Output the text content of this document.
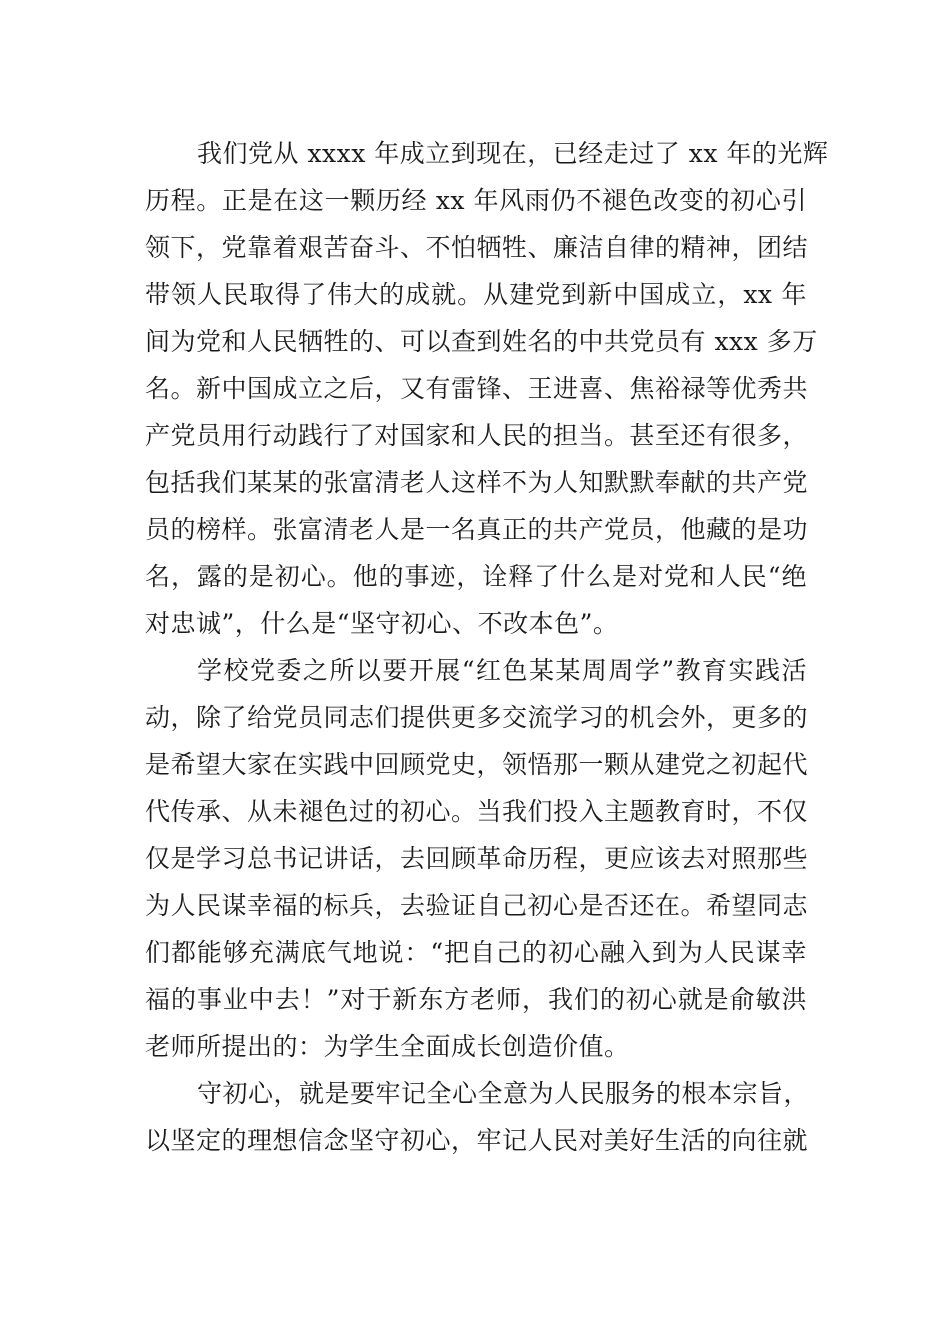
我们党从 xxxx 年成立到现在，已经走过了 xx 年的光辉
历程。正是在这一颗历经 xx 年风雨仍不褪色改变的初心引
领下，党靠着艰苦奋斗、不怕牺牲、廉洁自律的精神，团结
带领人民取得了伟大的成就。从建党到新中国成立，xx 年
间为党和人民牺牲的、可以查到姓名的中共党员有 xxx 多万
名。新中国成立之后，又有雷锋、王进喜、焦裕禄等优秀共
产党员用行动践行了对国家和人民的担当。甚至还有很多，
包括我们某某的张富清老人这样不为人知默默奉献的共产党
员的榜样。张富清老人是一名真正的共产党员，他藏的是功
名，露的是初心。他的事迹，诠释了什么是对党和人民“绝
对忠诚”，什么是“坚守初心、不改本色”。
学校党委之所以要开展“红色某某周周学”教育实践活
动，除了给党员同志们提供更多交流学习的机会外，更多的
是希望大家在实践中回顾党史，领悟那一颗从建党之初起代
代传承、从未褪色过的初心。当我们投入主题教育时，不仅
仅是学习总书记讲话，去回顾革命历程，更应该去对照那些
为人民谋幸福的标兵，去验证自己初心是否还在。希望同志
们都能够充满底气地说：“把自己的初心融入到为人民谋幸
福的事业中去！”对于新东方老师，我们的初心就是俞敏洪
老师所提出的：为学生全面成长创造价值。
守初心，就是要牢记全心全意为人民服务的根本宗旨，
以坚定的理想信念坚守初心，牢记人民对美好生活的向往就
